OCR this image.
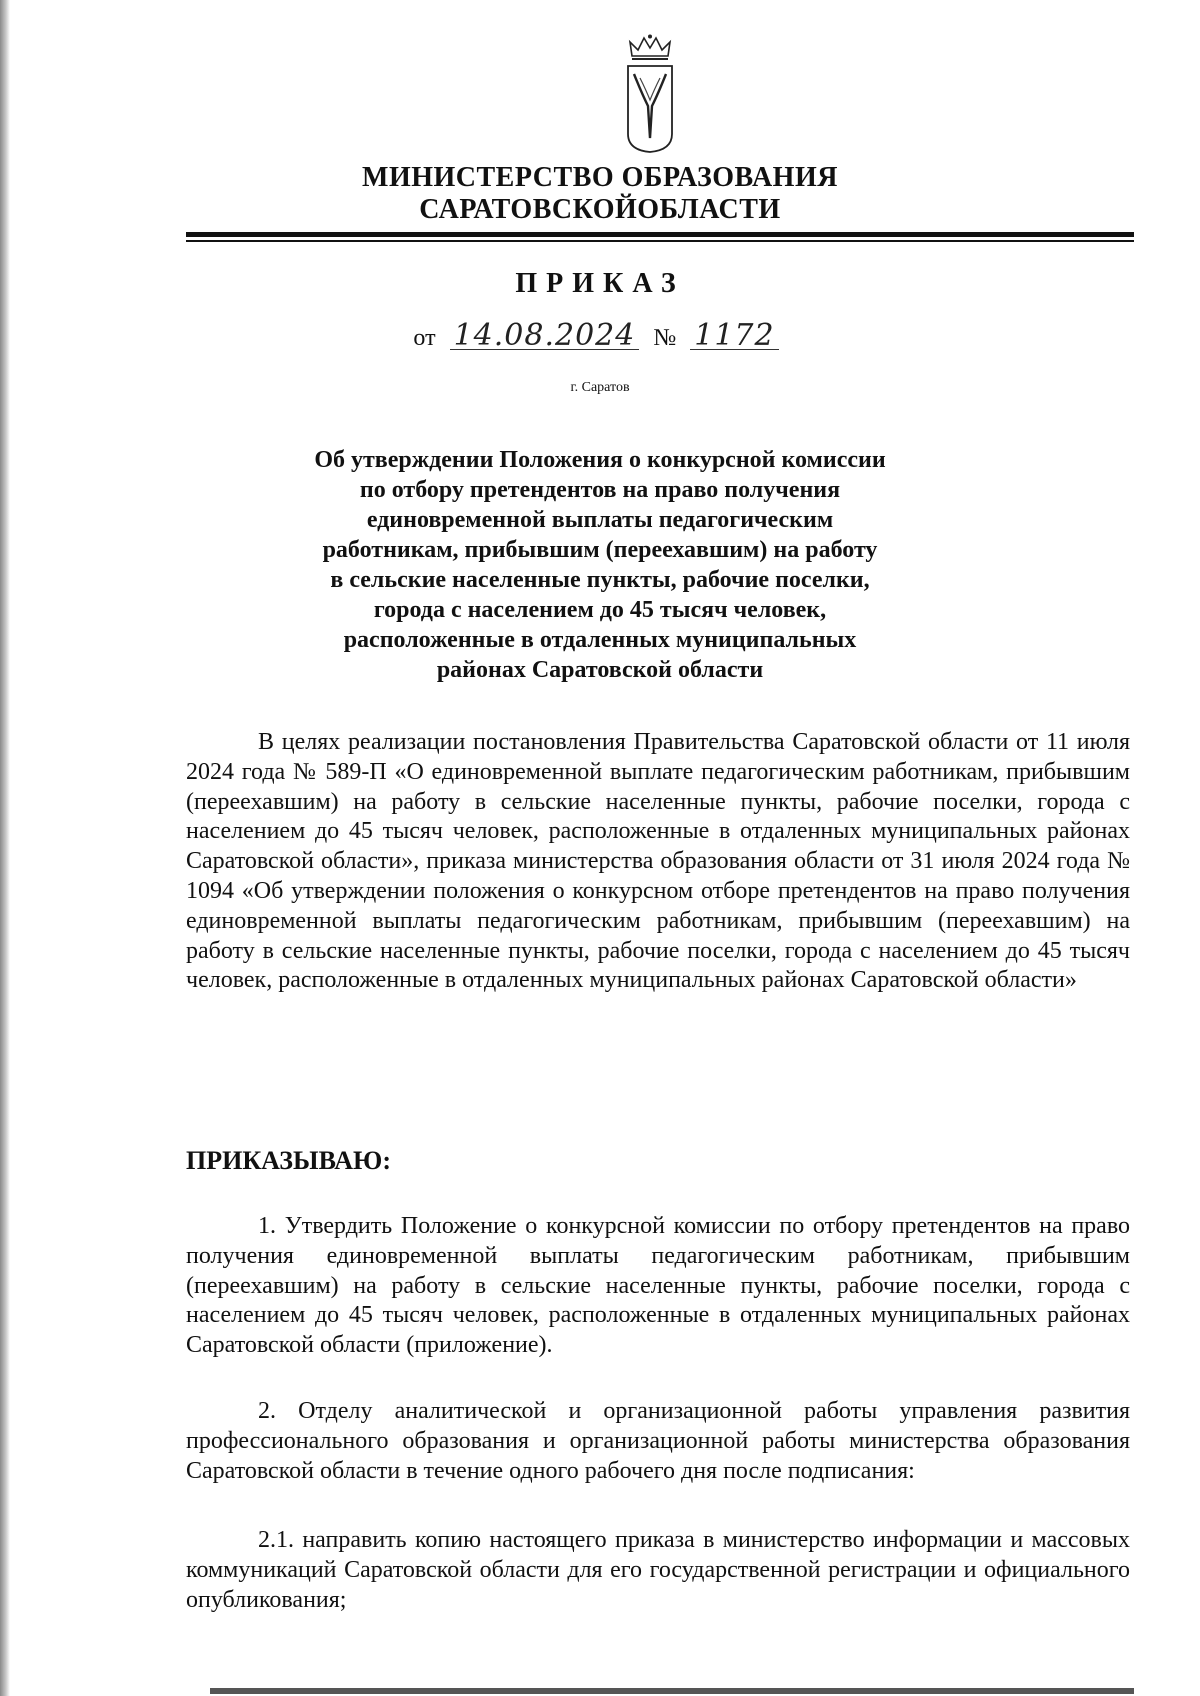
МИНИСТЕРСТВО ОБРАЗОВАНИЯ
САРАТОВСКОЙОБЛАСТИ
ПРИКАЗ
от 14.08.2024 № 1172
г. Саратов
Об утверждении Положения о конкурсной комиссии
по отбору претендентов на право получения
единовременной выплаты педагогическим
работникам, прибывшим (переехавшим) на работу
в сельские населенные пункты, рабочие поселки,
города с населением до 45 тысяч человек,
расположенные в отдаленных муниципальных
районах Саратовской области

В целях реализации постановления Правительства Саратовской области от 11 июля 2024 года № 589-П «О единовременной выплате педагогическим работникам, прибывшим (переехавшим) на работу в сельские населенные пункты, рабочие поселки, города с населением до 45 тысяч человек, расположенные в отдаленных муниципальных районах Саратовской области», приказа министерства образования области от 31 июля 2024 года № 1094 «Об утверждении положения о конкурсном отборе претендентов на право получения единовременной выплаты педагогическим работникам, прибывшим (переехавшим) на работу в сельские населенные пункты, рабочие поселки, города с населением до 45 тысяч человек, расположенные в отдаленных муниципальных районах Саратовской области»

ПРИКАЗЫВАЮ:

1. Утвердить Положение о конкурсной комиссии по отбору претендентов на право получения единовременной выплаты педагогическим работникам, прибывшим (переехавшим) на работу в сельские населенные пункты, рабочие поселки, города с населением до 45 тысяч человек, расположенные в отдаленных муниципальных районах Саратовской области (приложение).

2. Отделу аналитической и организационной работы управления развития профессионального образования и организационной работы министерства образования Саратовской области в течение одного рабочего дня после подписания:

2.1. направить копию настоящего приказа в министерство информации и массовых коммуникаций Саратовской области для его государственной регистрации и официального опубликования;
